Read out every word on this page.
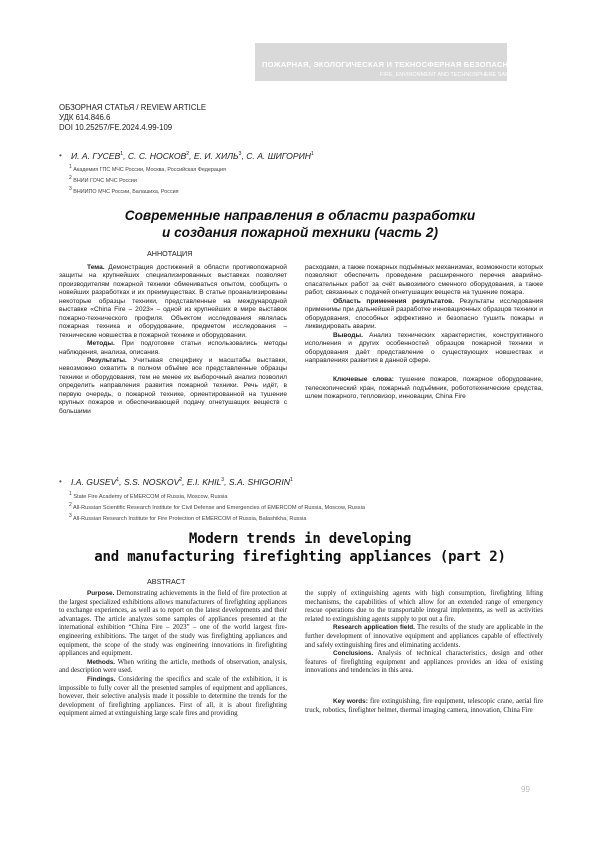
ПОЖАРНАЯ, ЭКОЛОГИЧЕСКАЯ И ТЕХНОСФЕРНАЯ БЕЗОПАСНОСТЬ
FIRE, ENVIRONMENT AND TECHNOSPHERE SAFETY
ОБЗОРНАЯ СТАТЬЯ / REVIEW ARTICLE
УДК 614.846.6
DOI 10.25257/FE.2024.4.99-109
• И. А. ГУСЕВ$^1$, С. С. НОСКОВ$^2$, Е. И. ХИЛЬ$^3$, С. А. ШИГОРИН$^1$
1 Академия ГПС МЧС России, Москва, Российская Федерация
2 ВНИИ ГОЧС МЧС России
3 ВНИИПО МЧС России, Балашиха, Россия
Современные направления в области разработки
и создания пожарной техники (часть 2)
АННОТАЦИЯ

Тема. Демонстрация достижений в области противопожарной защиты на крупнейших специализированных выставках позволяет производителям пожарной техники обмениваться опытом, сообщить о новейших разработках и их преимуществах. В статье проанализированы некоторые образцы техники, представленные на международной выставке «China Fire – 2023» – одной из крупнейших в мире выставок пожарно-технического профиля. Объектом исследования являлась пожарная техника и оборудование, предметом исследования – технические новшества в пожарной технике и оборудовании.

Методы. При подготовке статьи использовались методы наблюдения, анализа, описания.

Результаты. Учитывая специфику и масштабы выставки, невозможно охватить в полном объёме все представленные образцы техники и оборудования, тем не менее их выборочный анализ позволил определить направления развития пожарной техники. Речь идёт, в первую очередь, о пожарной технике, ориентированной на тушение крупных пожаров и обеспечивающей подачу огнетушащих веществ с большими

расходами, а также пожарных подъёмных механизмах, возможности которых позволяют обеспечить проведение расширенного перечня аварийно-спасательных работ за счёт вывозимого сменного оборудования, а также работ, связанных с подачей огнетушащих веществ на тушение пожара.

Область применения результатов. Результаты исследования применимы при дальнейшей разработке инновационных образцов техники и оборудования, способных эффективно и безопасно тушить пожары и ликвидировать аварии.

Выводы. Анализ технических характеристик, конструктивного исполнения и других особенностей образцов пожарной техники и оборудования даёт представление о существующих новшествах и направлениях развития в данной сфере.

Ключевые слова: тушение пожаров, пожарное оборудование, телескопический кран, пожарный подъёмник, робототехнические средства, шлем пожарного, тепловизор, инновации, China Fire

• I.A. GUSEV$^1$, S.S. NOSKOV$^2$, E.I. KHIL$^3$, S.A. SHIGORIN$^1$
1 State Fire Academy of EMERCOM of Russia, Moscow, Russia
2 All-Russian Scientific Research Institute for Civil Defense and Emergencies of EMERCOM of Russia, Moscow, Russia
3 All-Russian Research Institute for Fire Protection of EMERCOM of Russia, Balashikha, Russia
Modern trends in developing
and manufacturing firefighting appliances (part 2)
ABSTRACT

Purpose. Demonstrating achievements in the field of fire protection at the largest specialized exhibitions allows manufacturers of firefighting appliances to exchange experiences, as well as to report on the latest developments and their advantages. The article analyzes some samples of appliances presented at the international exhibition “China Fire – 2023” – one of the world largest fire-engineering exhibitions. The target of the study was firefighting appliances and equipment, the scope of the study was engineering innovations in firefighting appliances and equipment.

Methods. When writing the article, methods of observation, analysis, and description were used.

Findings. Considering the specifics and scale of the exhibition, it is impossible to fully cover all the presented samples of equipment and appliances, however, their selective analysis made it possible to determine the trends for the development of firefighting appliances. First of all, it is about firefighting equipment aimed at extinguishing large scale fires and providing

the supply of extinguishing agents with high consumption, firefighting lifting mechanisms, the capabilities of which allow for an extended range of emergency rescue operations due to the transportable integral implements, as well as activities related to extinguishing agents supply to put out a fire.

Research application field. The results of the study are applicable in the further development of innovative equipment and appliances capable of effectively and safely extinguishing fires and eliminating accidents.

Conclusions. Analysis of technical characteristics, design and other features of firefighting equipment and appliances provides an idea of existing innovations and tendencies in this area.

Key words: fire extinguishing, fire equipment, telescopic crane, aerial fire truck, robotics, firefighter helmet, thermal imaging camera, innovation, China Fire

99
